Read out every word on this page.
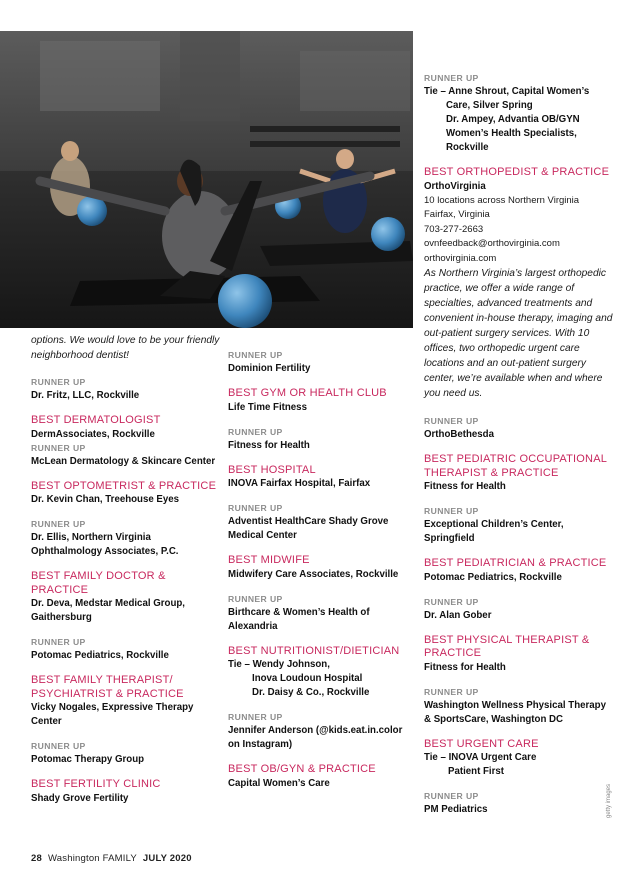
options. We would love to be your friendly neighborhood dentist!
RUNNER UP
Dr. Fritz, LLC, Rockville
BEST DERMATOLOGIST
DermAssociates, Rockville
RUNNER UP
McLean Dermatology & Skincare Center
BEST OPTOMETRIST & PRACTICE
Dr. Kevin Chan, Treehouse Eyes
RUNNER UP
Dr. Ellis, Northern Virginia Ophthalmology Associates, P.C.
BEST FAMILY DOCTOR & PRACTICE
Dr. Deva, Medstar Medical Group, Gaithersburg
RUNNER UP
Potomac Pediatrics, Rockville
BEST FAMILY THERAPIST/ PSYCHIATRIST & PRACTICE
Vicky Nogales, Expressive Therapy Center
RUNNER UP
Potomac Therapy Group
BEST FERTILITY CLINIC
Shady Grove Fertility
RUNNER UP
Dominion Fertility
BEST GYM OR HEALTH CLUB
Life Time Fitness
RUNNER UP
Fitness for Health
BEST HOSPITAL
INOVA Fairfax Hospital, Fairfax
RUNNER UP
Adventist HealthCare Shady Grove Medical Center
BEST MIDWIFE
Midwifery Care Associates, Rockville
RUNNER UP
Birthcare & Women’s Health of Alexandria
BEST NUTRITIONIST/DIETICIAN
Tie – Wendy Johnson,
Inova Loudoun Hospital
Dr. Daisy & Co., Rockville
RUNNER UP
Jennifer Anderson (@kids.eat.in.color on Instagram)
BEST OB/GYN & PRACTICE
Capital Women’s Care
RUNNER UP
Tie – Anne Shrout, Capital Women’s
Care, Silver Spring
Dr. Ampey, Advantia OB/GYN
Women’s Health Specialists,
Rockville
BEST ORTHOPEDIST & PRACTICE
OrthoVirginia
10 locations across Northern Virginia
Fairfax, Virginia
703-277-2663
ovnfeedback@orthovirginia.com
orthovirginia.com
As Northern Virginia’s largest orthopedic practice, we offer a wide range of specialties, advanced treatments and convenient in-house therapy, imaging and out-patient surgery services. With 10 offices, two orthopedic urgent care locations and an out-patient surgery center, we’re available when and where you need us.
RUNNER UP
OrthoBethesda
BEST PEDIATRIC OCCUPATIONAL THERAPIST & PRACTICE
Fitness for Health
RUNNER UP
Exceptional Children’s Center, Springfield
BEST PEDIATRICIAN & PRACTICE
Potomac Pediatrics, Rockville
RUNNER UP
Dr. Alan Gober
BEST PHYSICAL THERAPIST & PRACTICE
Fitness for Health
RUNNER UP
Washington Wellness Physical Therapy & SportsCare, Washington DC
BEST URGENT CARE
Tie – INOVA Urgent Care
Patient First
RUNNER UP
PM Pediatrics	getty images
28 Washington FAMILY JULY 2020
